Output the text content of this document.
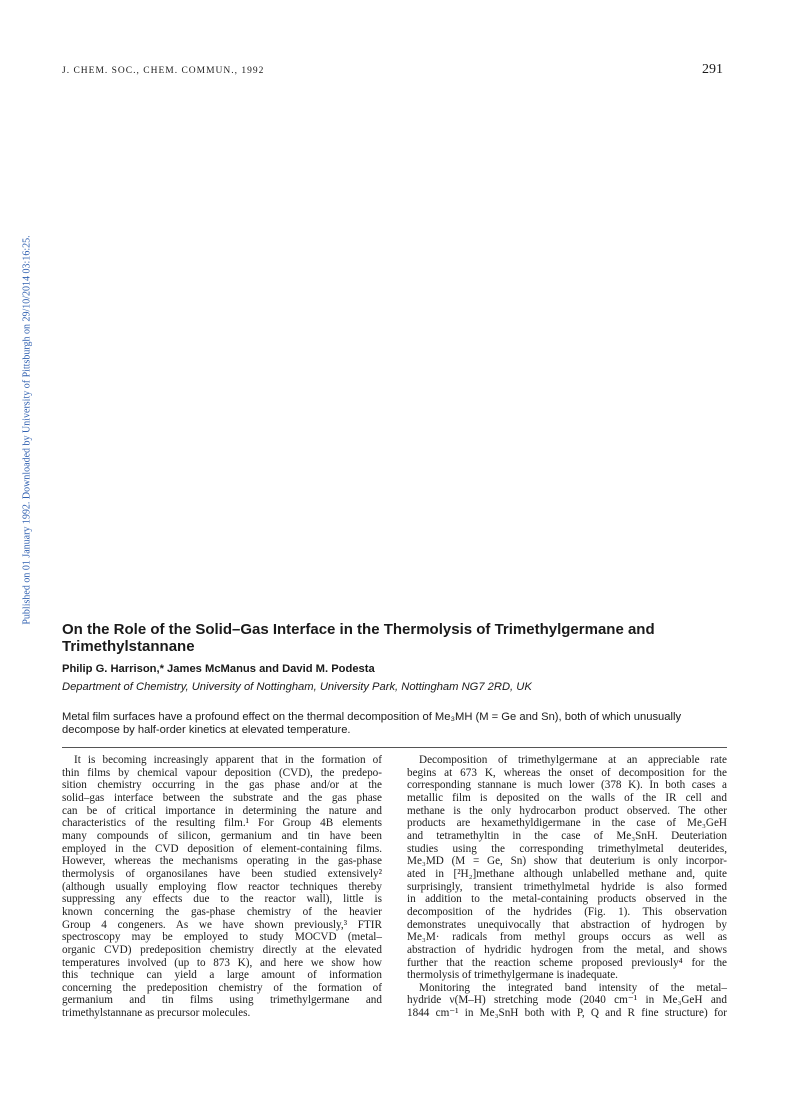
J. CHEM. SOC., CHEM. COMMUN., 1992	291
Published on 01 January 1992. Downloaded by University of Pittsburgh on 29/10/2014 03:16:25.
On the Role of the Solid–Gas Interface in the Thermolysis of Trimethylgermane and Trimethylstannane
Philip G. Harrison,* James McManus and David M. Podesta
Department of Chemistry, University of Nottingham, University Park, Nottingham NG7 2RD, UK

Metal film surfaces have a profound effect on the thermal decomposition of Me₃MH (M = Ge and Sn), both of which unusually decompose by half-order kinetics at elevated temperature.

It is becoming increasingly apparent that in the formation of
thin films by chemical vapour deposition (CVD), the predepo-
sition chemistry occurring in the gas phase and/or at the
solid–gas interface between the substrate and the gas phase
can be of critical importance in determining the nature and
characteristics of the resulting film.¹ For Group 4B elements
many compounds of silicon, germanium and tin have been
employed in the CVD deposition of element-containing films.
However, whereas the mechanisms operating in the gas-phase
thermolysis of organosilanes have been studied extensively²
(although usually employing flow reactor techniques thereby
suppressing any effects due to the reactor wall), little is
known concerning the gas-phase chemistry of the heavier
Group 4 congeners. As we have shown previously,³ FTIR
spectroscopy may be employed to study MOCVD (metal–
organic CVD) predeposition chemistry directly at the elevated
temperatures involved (up to 873 K), and here we show how
this technique can yield a large amount of information
concerning the predeposition chemistry of the formation of
germanium and tin films using trimethylgermane and
trimethylstannane as precursor molecules.

Decomposition of trimethylgermane at an appreciable rate
begins at 673 K, whereas the onset of decomposition for the
corresponding stannane is much lower (378 K). In both cases a
metallic film is deposited on the walls of the IR cell and
methane is the only hydrocarbon product observed. The other
products are hexamethyldigermane in the case of Me₃GeH
and tetramethyltin in the case of Me₃SnH. Deuteriation
studies using the corresponding trimethylmetal deuterides,
Me₃MD (M = Ge, Sn) show that deuterium is only incorpor-
ated in [²H₂]methane although unlabelled methane and, quite
surprisingly, transient trimethylmetal hydride is also formed
in addition to the metal-containing products observed in the
decomposition of the hydrides (Fig. 1). This observation
demonstrates unequivocally that abstraction of hydrogen by
Me₃M· radicals from methyl groups occurs as well as
abstraction of hydridic hydrogen from the metal, and shows
further that the reaction scheme proposed previously⁴ for the
thermolysis of trimethylgermane is inadequate.

Monitoring the integrated band intensity of the metal–
hydride ν(M–H) stretching mode (2040 cm⁻¹ in Me₃GeH and
1844 cm⁻¹ in Me₃SnH both with P, Q and R fine structure) for
